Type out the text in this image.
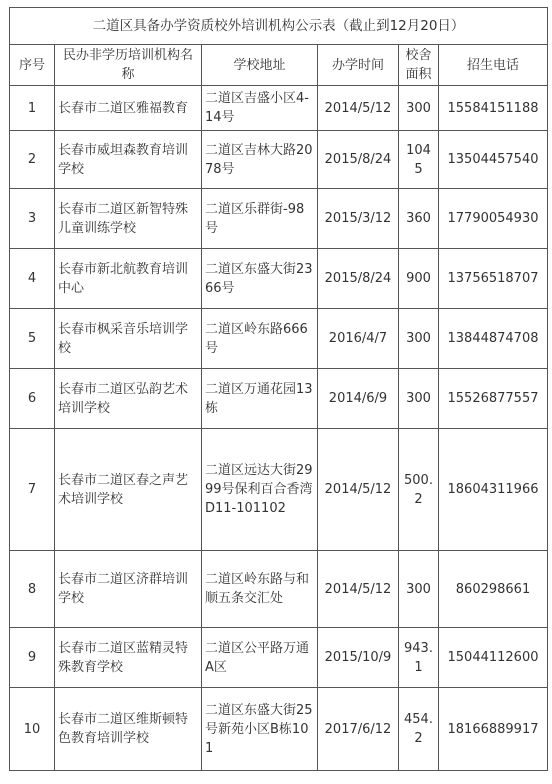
二道区具备办学资质校外培训机构公示表（截止到12月20日）					
序号	民办非学历培训机构名称	学校地址	办学时间	校舍面积	招生电话
1	长春市二道区雅福教育	二道区吉盛小区4-14号	2014/5/12	300	15584151188
2	长春市威坦森教育培训学校	二道区吉林大路2078号	2015/8/24	1045	13504457540
3	长春市二道区新智特殊儿童训练学校	二道区乐群街-98号	2015/3/12	360	17790054930
4	长春市新北航教育培训中心	二道区东盛大街2366号	2015/8/24	900	13756518707
5	长春市枫采音乐培训学校	二道区岭东路666号	2016/4/7	300	13844874708
6	长春市二道区弘韵艺术培训学校	二道区万通花园13栋	2014/6/9	300	15526877557
7	长春市二道区春之声艺术培训学校	二道区远达大街2999号保利百合香湾D11-101102	2014/5/12	500.2	18604311966
8	长春市二道区济群培训学校	二道区岭东路与和顺五条交汇处	2014/5/12	300	860298661
9	长春市二道区蓝精灵特殊教育学校	二道区公平路万通A区	2015/10/9	943.1	15044112600
10	长春市二道区维斯顿特色教育培训学校	二道区东盛大街25号新苑小区B栋101	2017/6/12	454.2	18166889917
